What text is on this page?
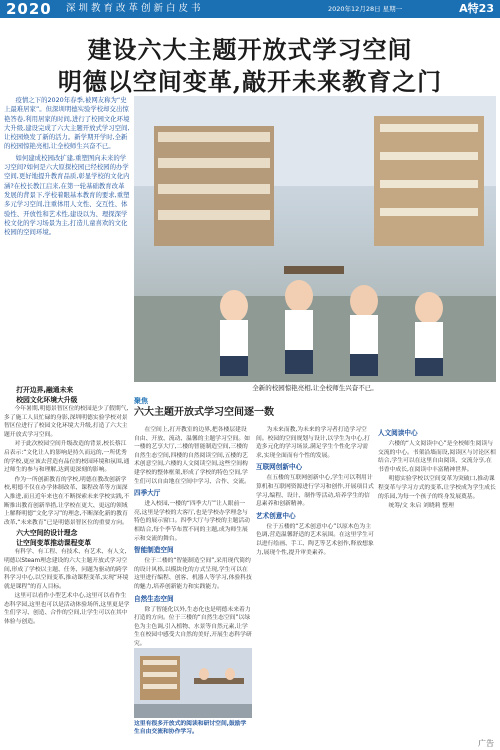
2020 深圳教育改革创新白皮书	2020年12月28日 星期一	A特23
建设六大主题开放式学习空间
明德以空间变革,敲开未来教育之门

疫情之下的2020年春季,被网友称为“史上最难居家”。但深圳明德实验学校却交出惊艳答卷,利用居家的时间,进行了校园文化环境大升级,建设完成了六大主题开放式学习空间,让校园焕发了新的活力。新学期开学时,全新的校园惊艳亮相,让全校师生兴奋不已。

如何建成校园改扩建,重塑图向未来的学习空间?如何是六大原探校园已经校园的办学空间,更好地提升教育品质,彰显学校的文化内涵?在校长教江启来,在第一轮基础教育改革发展的背景下,学校着眼基本教育的要求,重塑多元学习空间,注重体用人文性、交互性、体验性、开放性和艺术性,建设以为、理探深学校文化的学习场景为主,打造儿童喜欢的文化校园的空间环境。

全新的校园惊艳亮相,让全校师生兴奋不已。
聚焦
六大主题开放式学习空间逐一数

打开边界,融通未来

校园文化环境大升级

今年暑期,明德景智区位的校园是少了假期气,多了施工人员忙碌的身影,深圳明德实验学校对景智区位进行了校园文化环境大升级,打造了六大主题开放式学习空间。

对于此次校园空间升级改造的背景,校长蔡江启表示:“文化让人的影响是持久而远的,一所优秀的学校,更应该去营造有品位的校园环境和氛围,通过师生的参与和理解,达到更深刻的影响。

作为一所创新教育的学校,明德在教改创新学校,明德不仅在办学体制改革、课程改革等方面深入推进,而且近年来也在不断探索未来学校实践,不断推出教育创新举措,让学校在更大、更远的领域上解释明德“文化学习”的理念,不断深化新的教育改革,“未来教育”已是明德景智区位的重要方向。

六大空间的设计理念

让空间变革推动课程变革

有科学、有工程、有技术、有艺术、有人文,明德以Steam理念建设的六大主题开放式学习空间,形成了学校以主题、任务、问题为驱动的跨学科学习中心,以空间变革,推动课程变革,实现“环境就是课程”的育人目标。

这里可以看作小型艺术中心,这里可以看作生态科学园,这里也可以是活动体验场所,这里更是学生们学习、创造、合作的空间,让学生可以在其中体验与创造。

在空间上,打开教室的边界,把各楼层建设自由、开放、流动、温馨的主题学习空间。如一楼的艺享大厅,二楼的智能制造空间,三楼的自然生态空间,四楼的自然阅读空间,五楼的艺术创意空间,六楼的人文阅读空间,这些空间构建学校的整体框架,形成了学校的特色空间,学生们可以自由地在空间中学习、合作、交流。

四季大厅

进入校园,一楼的“四季大厅”让人眼前一亮,这里是学校的大客厅,也是学校办学理念与特色的展示窗口。四季大厅与学校的主题活动相结合,每个季节布置不同的主题,成为师生展示和交流的舞台。

智能制造空间

位于二楼的“智能制造空间”,采用现代简约的设计风格,以模块化的方式呈现,学生可以在这里进行编程、创客、机器人等学习,体验科技的魅力,培养创新能力和实践能力。

自然生态空间

除了智能化以外,生态化也是明德未来着力打造的方向。位于三楼的“自然生态空间”以绿色为主色调,引入植物、水景等自然元素,让学生在校园中感受大自然的美好,开展生态科学研究。

这里有很多开放式的阅读和研讨空间,鼓励学生自由交流和协作学习。

为未来而教,为未来的学习者打造学习空间。校园的空间规划与设计,以学生为中心,打造多元化的学习场景,满足学生个性化学习需求,实现全面而有个性的发展。

互联网创新中心

在五楼的互联网创新中心,学生可以利用计算机和互联网资源进行学习和创作,开展项目式学习,编程、设计、制作等活动,培养学生的信息素养和创新精神。

艺术创意中心

位于五楼的“艺术创意中心”以原木色为主色调,营造温馨舒适的艺术氛围。在这里学生可以进行绘画、手工、陶艺等艺术创作,释放想象力,展现个性,提升审美素养。

人文阅读中心

六楼的“人文阅读中心”是全校师生阅读与交流的中心。书架沿墙而设,阅读区与讨论区相结合,学生可以在这里自由阅读、交流分享,在书香中成长,在阅读中丰富精神世界。

明德实验学校以空间变革为突破口,推动课程变革与学习方式的变革,让学校成为学生成长的乐园,为每一个孩子的终身发展奠基。

统筹/文 朱启 刘晓莉 整理

广告
